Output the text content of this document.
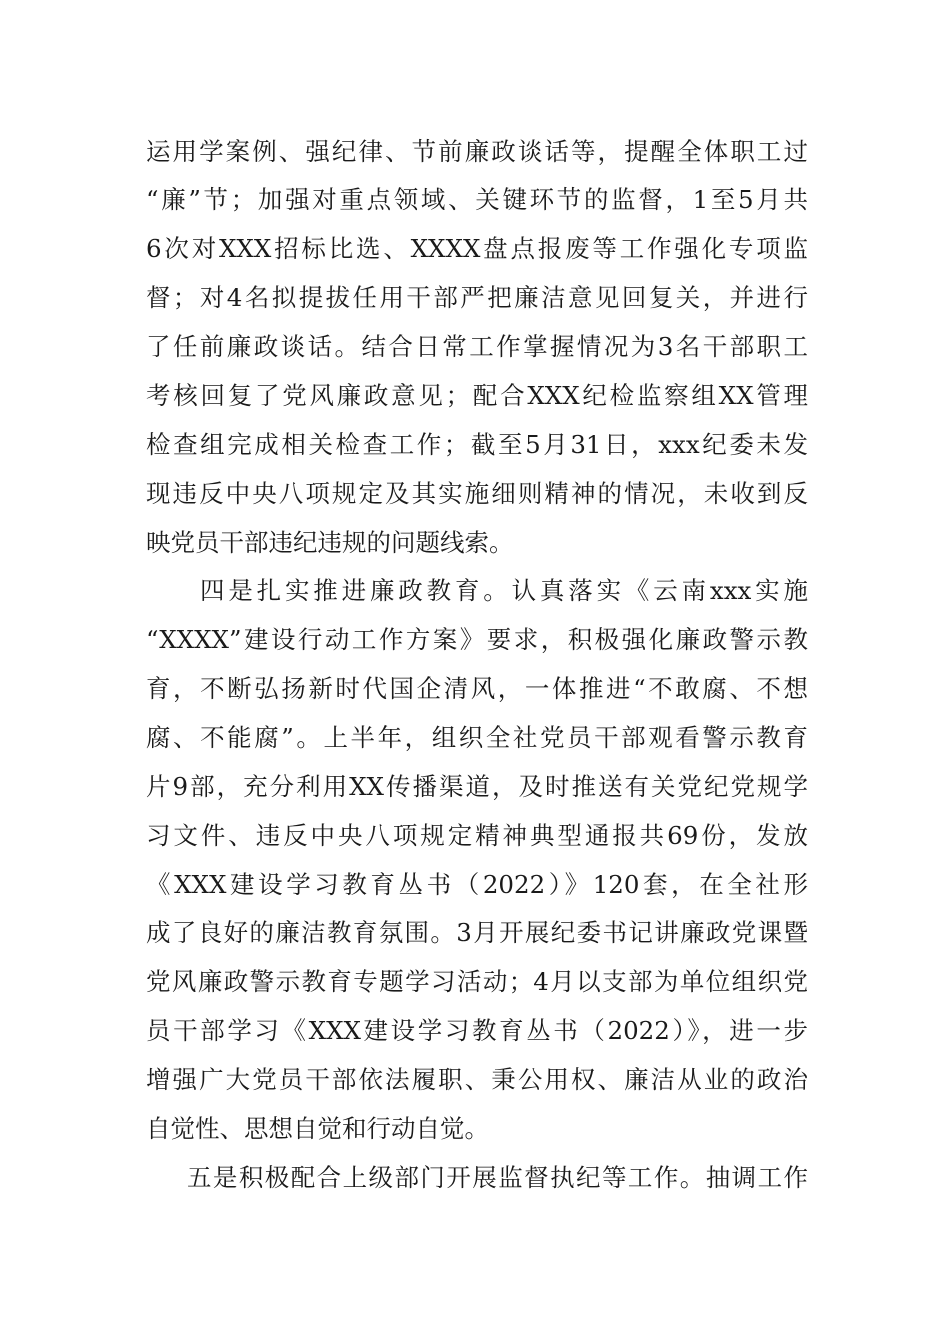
运用学案例、强纪律、节前廉政谈话等，提醒全体职工过
“廉”节；加强对重点领域、关键环节的监督，1至5月共
6次对XXX招标比选、XXXX盘点报废等工作强化专项监
督；对4名拟提拔任用干部严把廉洁意见回复关，并进行
了任前廉政谈话。结合日常工作掌握情况为3名干部职工
考核回复了党风廉政意见；配合XXX纪检监察组XX管理
检查组完成相关检查工作；截至5月31日，xxx纪委未发
现违反中央八项规定及其实施细则精神的情况，未收到反
映党员干部违纪违规的问题线索。
四是扎实推进廉政教育。认真落实《云南xxx实施
“XXXX”建设行动工作方案》要求，积极强化廉政警示教
育，不断弘扬新时代国企清风，一体推进“不敢腐、不想
腐、不能腐”。上半年，组织全社党员干部观看警示教育
片9部，充分利用XX传播渠道，及时推送有关党纪党规学
习文件、违反中央八项规定精神典型通报共69份，发放
《XXX建设学习教育丛书（2022）》120套，在全社形
成了良好的廉洁教育氛围。3月开展纪委书记讲廉政党课暨
党风廉政警示教育专题学习活动；4月以支部为单位组织党
员干部学习《XXX建设学习教育丛书（2022）》，进一步
增强广大党员干部依法履职、秉公用权、廉洁从业的政治
自觉性、思想自觉和行动自觉。
五是积极配合上级部门开展监督执纪等工作。抽调工作
